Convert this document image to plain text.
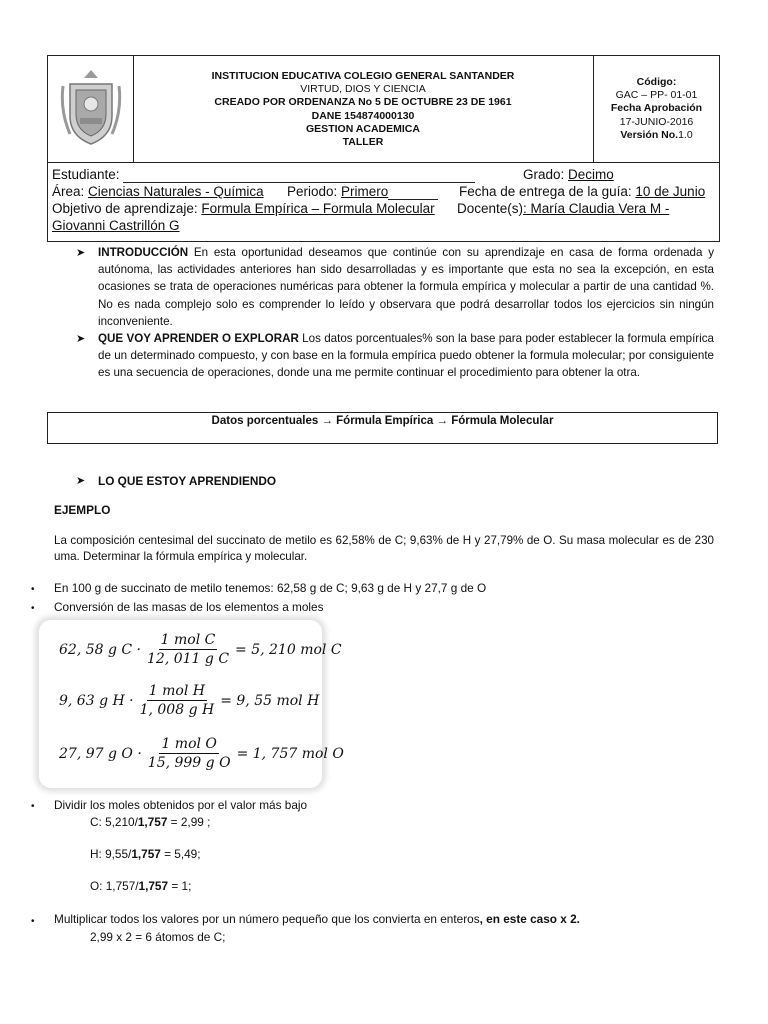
INSTITUCION EDUCATIVA COLEGIO GENERAL SANTANDER
VIRTUD, DIOS Y CIENCIA
CREADO POR ORDENANZA No 5 DE OCTUBRE 23 DE 1961
DANE 154874000130
GESTION ACADEMICA
TALLER
Código:
GAC – PP- 01-01
Fecha Aprobación
17-JUNIO-2016
Versión No.1.0
Estudiante:	Grado: Decimo
Área: Ciencias Naturales - Química Periodo: Primero	Fecha de entrega de la guía: 10 de Junio
Objetivo de aprendizaje: Formula Empírica – Formula Molecular Docente(s): María Claudia Vera M -
Giovanni Castrillón G
➤ INTRODUCCIÓN En esta oportunidad deseamos que continúe con su aprendizaje en casa de forma ordenada y autónoma, las actividades anteriores han sido desarrolladas y es importante que esta no sea la excepción, en esta ocasiones se trata de operaciones numéricas para obtener la formula empírica y molecular a partir de una cantidad %. No es nada complejo solo es comprender lo leído y observara que podrá desarrollar todos los ejercicios sin ningún inconveniente.
➤ QUE VOY APRENDER O EXPLORAR Los datos porcentuales% son la base para poder establecer la formula empírica de un determinado compuesto, y con base en la formula empírica puedo obtener la formula molecular; por consiguiente es una secuencia de operaciones, donde una me permite continuar el procedimiento para obtener la otra.
Datos porcentuales → Fórmula Empírica → Fórmula Molecular
➤ LO QUE ESTOY APRENDIENDO
EJEMPLO
La composición centesimal del succinato de metilo es 62,58% de C; 9,63% de H y 27,79% de O. Su masa molecular es de 230 uma. Determinar la fórmula empírica y molecular.
• En 100 g de succinato de metilo tenemos: 62,58 g de C; 9,63 g de H y 27,7 g de O
• Conversión de las masas de los elementos a moles
62, 58 g $C \cdot \frac{\text{1 mol C}}{\text{12, 011 g C}} = 5$, 210 mol C
9, 63 g $H \cdot \frac{\text{1 mol H}}{\text{1, 008 g H}} = 9$, 55 mol H
27, 97 g $O \cdot \frac{\text{1 mol O}}{\text{15, 999 g O}} = 1$, 757 mol O
• Dividir los moles obtenidos por el valor más bajo
C: 5,210/1,757 = 2,99 ;
H: 9,55/1,757 = 5,49;
O: 1,757/1,757 = 1;
• Multiplicar todos los valores por un número pequeño que los convierta en enteros, en este caso x 2.
2,99 x 2 = 6 átomos de C;
